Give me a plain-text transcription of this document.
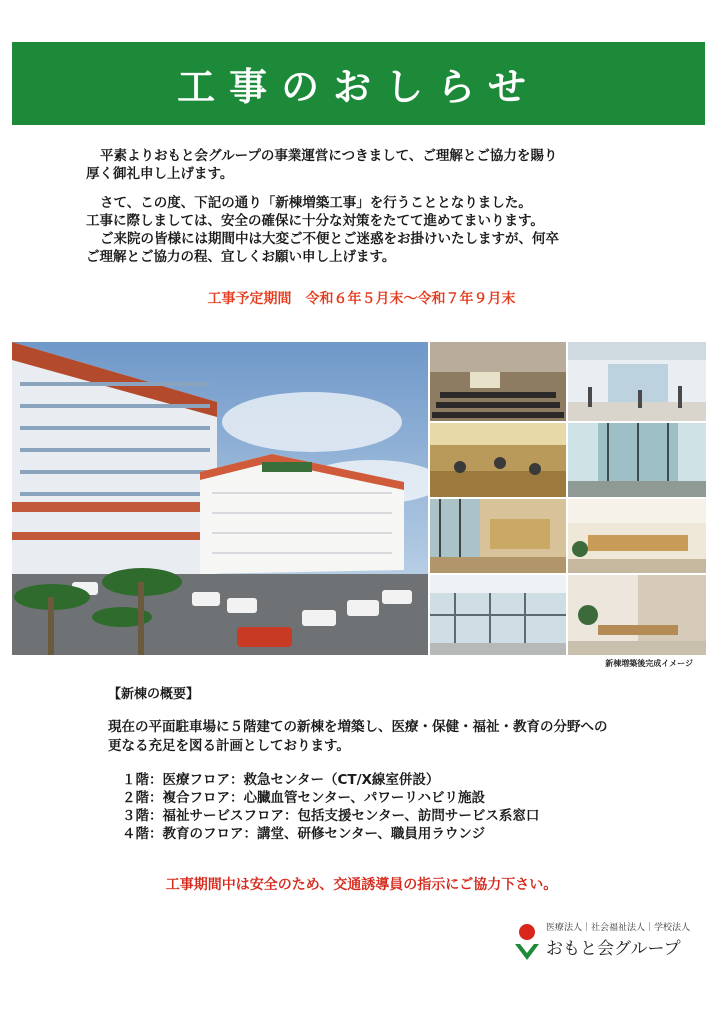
工事のおしらせ

平素よりおもと会グループの事業運営につきまして、ご理解とご協力を賜り
厚く御礼申し上げます。

さて、この度、下記の通り「新棟増築工事」を行うこととなりました。
工事に際しましては、安全の確保に十分な対策をたてて進めてまいります。
ご来院の皆様には期間中は大変ご不便とご迷惑をお掛けいたしますが、何卒
ご理解とご協力の程、宜しくお願い申し上げます。

工事予定期間　令和６年５月末～令和７年９月末
新棟増築後完成イメージ
【新棟の概要】

現在の平面駐車場に５階建ての新棟を増築し、医療・保健・福祉・教育の分野への
更なる充足を図る計画としております。

１階：医療フロア：救急センター（CT/X線室併設）
２階：複合フロア：心臓血管センター、パワーリハビリ施設
３階：福祉サービスフロア：包括支援センター、訪問サービス系窓口
４階：教育のフロア：講堂、研修センター、職員用ラウンジ
工事期間中は安全のため、交通誘導員の指示にご協力下さい。
医療法人｜社会福祉法人｜学校法人
おもと会グループ
